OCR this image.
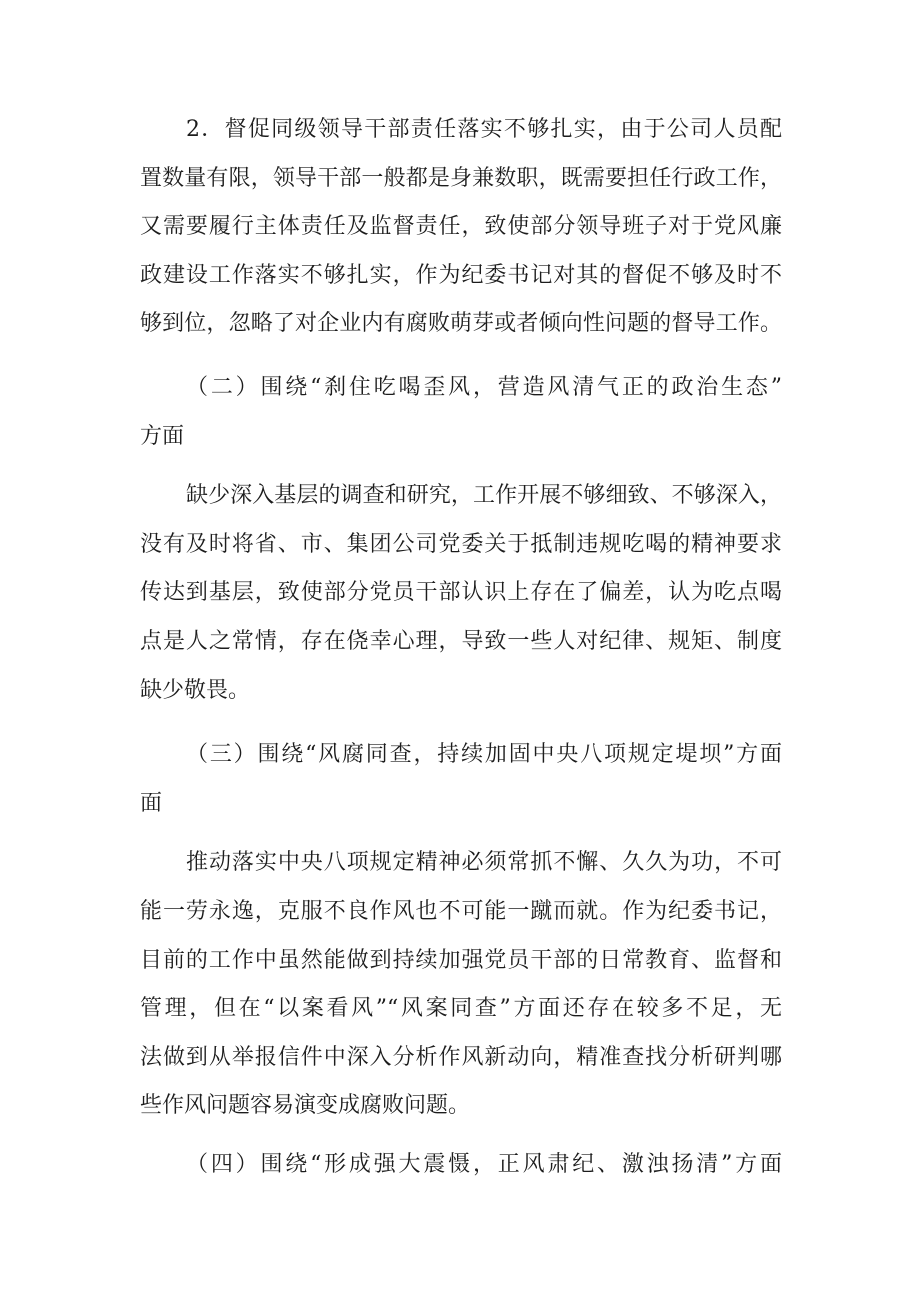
2．督促同级领导干部责任落实不够扎实，由于公司人员配
置数量有限，领导干部一般都是身兼数职，既需要担任行政工作，
又需要履行主体责任及监督责任，致使部分领导班子对于党风廉
政建设工作落实不够扎实，作为纪委书记对其的督促不够及时不
够到位，忽略了对企业内有腐败萌芽或者倾向性问题的督导工作。
（二）围绕“刹住吃喝歪风，营造风清气正的政治生态”
方面
缺少深入基层的调查和研究，工作开展不够细致、不够深入，
没有及时将省、市、集团公司党委关于抵制违规吃喝的精神要求
传达到基层，致使部分党员干部认识上存在了偏差，认为吃点喝
点是人之常情，存在侥幸心理，导致一些人对纪律、规矩、制度
缺少敬畏。
（三）围绕“风腐同查，持续加固中央八项规定堤坝”方面
面
推动落实中央八项规定精神必须常抓不懈、久久为功，不可
能一劳永逸，克服不良作风也不可能一蹴而就。作为纪委书记，
目前的工作中虽然能做到持续加强党员干部的日常教育、监督和
管理，但在“以案看风”“风案同查”方面还存在较多不足，无
法做到从举报信件中深入分析作风新动向，精准查找分析研判哪
些作风问题容易演变成腐败问题。
（四）围绕“形成强大震慑，正风肃纪、激浊扬清”方面
